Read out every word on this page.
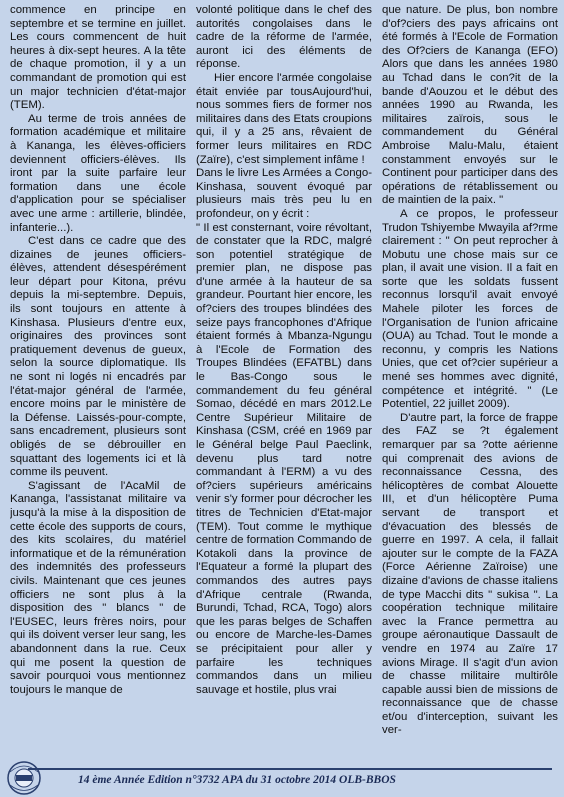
commence en principe en septembre et se termine en juillet. Les cours commencent de huit heures à dix-sept heures. A la tête de chaque promotion, il y a un commandant de promotion qui est un major technicien d'état-major (TEM).

Au terme de trois années de formation académique et militaire à Kananga, les élèves-officiers deviennent officiers-élèves. Ils iront par la suite parfaire leur formation dans une école d'application pour se spécialiser avec une arme : artillerie, blindée, infanterie...).

C'est dans ce cadre que des dizaines de jeunes officiers-élèves, attendent désespérément leur départ pour Kitona, prévu depuis la mi-septembre. Depuis, ils sont toujours en attente à Kinshasa. Plusieurs d'entre eux, originaires des provinces sont pratiquement devenus de gueux, selon la source diplomatique. Ils ne sont ni logés ni encadrés par l'état-major général de l'armée, encore moins par le ministère de la Défense. Laissés-pour-compte, sans encadrement, plusieurs sont obligés de se débrouiller en squattant des logements ici et là comme ils peuvent.

S'agissant de l'AcaMil de Kananga, l'assistanat militaire va jusqu'à la mise à la disposition de cette école des supports de cours, des kits scolaires, du matériel informatique et de la rémunération des indemnités des professeurs civils. Maintenant que ces jeunes officiers ne sont plus à la disposition des " blancs " de l'EUSEC, leurs frères noirs, pour qui ils doivent verser leur sang, les abandonnent dans la rue. Ceux qui me posent la question de savoir pourquoi vous mentionnez toujours le manque de

volonté politique dans le chef des autorités congolaises dans le cadre de la réforme de l'armée, auront ici des éléments de réponse.

Hier encore l'armée congolaise était enviée par tousAujourd'hui, nous sommes fiers de former nos militaires dans des Etats croupions qui, il y a 25 ans, rêvaient de former leurs militaires en RDC (Zaïre), c'est simplement infâme !

Dans le livre Les Armées a Congo-Kinshasa, souvent évoqué par plusieurs mais très peu lu en profondeur, on y écrit :

" Il est consternant, voire révoltant, de constater que la RDC, malgré son potentiel stratégique de premier plan, ne dispose pas d'une armée à la hauteur de sa grandeur. Pourtant hier encore, les of?ciers des troupes blindées des seize pays francophones d'Afrique étaient formés à Mbanza-Ngungu à l'Ecole de Formation des Troupes Blindées (EFATBL) dans le Bas-Congo sous le commandement du feu général Somao, décédé en mars 2012.Le Centre Supérieur Militaire de Kinshasa (CSM, créé en 1969 par le Général belge Paul Paeclink, devenu plus tard notre commandant à l'ERM) a vu des of?ciers supérieurs américains venir s'y former pour décrocher les titres de Technicien d'Etat-major (TEM). Tout comme le mythique centre de formation Commando de Kotakoli dans la province de l'Equateur a formé la plupart des commandos des autres pays d'Afrique centrale (Rwanda, Burundi, Tchad, RCA, Togo) alors que les paras belges de Schaffen ou encore de Marche-les-Dames se précipitaient pour aller y parfaire les techniques commandos dans un milieu sauvage et hostile, plus vrai

que nature. De plus, bon nombre d'of?ciers des pays africains ont été formés à l'Ecole de Formation des Of?ciers de Kananga (EFO) Alors que dans les années 1980 au Tchad dans le con?it de la bande d'Aouzou et le début des années 1990 au Rwanda, les militaires zaïrois, sous le commandement du Général Ambroise Malu-Malu, étaient constamment envoyés sur le Continent pour participer dans des opérations de rétablissement ou de maintien de la paix. "

A ce propos, le professeur Trudon Tshiyembe Mwayila af?rme clairement : " On peut reprocher à Mobutu une chose mais sur ce plan, il avait une vision. Il a fait en sorte que les soldats fussent reconnus lorsqu'il avait envoyé Mahele piloter les forces de l'Organisation de l'union africaine (OUA) au Tchad. Tout le monde a reconnu, y compris les Nations Unies, que cet of?cier supérieur a mené ses hommes avec dignité, compétence et intégrité. " (Le Potentiel, 22 juillet 2009).

D'autre part, la force de frappe des FAZ se ?t également remarquer par sa ?otte aérienne qui comprenait des avions de reconnaissance Cessna, des hélicoptères de combat Alouette III, et d'un hélicoptère Puma servant de transport et d'évacuation des blessés de guerre en 1997. A cela, il fallait ajouter sur le compte de la FAZA (Force Aérienne Zaïroise) une dizaine d'avions de chasse italiens de type Macchi dits " sukisa ". La coopération technique militaire avec la France permettra au groupe aéronautique Dassault de vendre en 1974 au Zaïre 17 avions Mirage. Il s'agit d'un avion de chasse militaire multirôle capable aussi bien de missions de reconnaissance que de chasse et/ou d'interception, suivant les ver-

14 ème Année Edition n°3732 APA du 31 octobre 2014 OLB-BBOS
